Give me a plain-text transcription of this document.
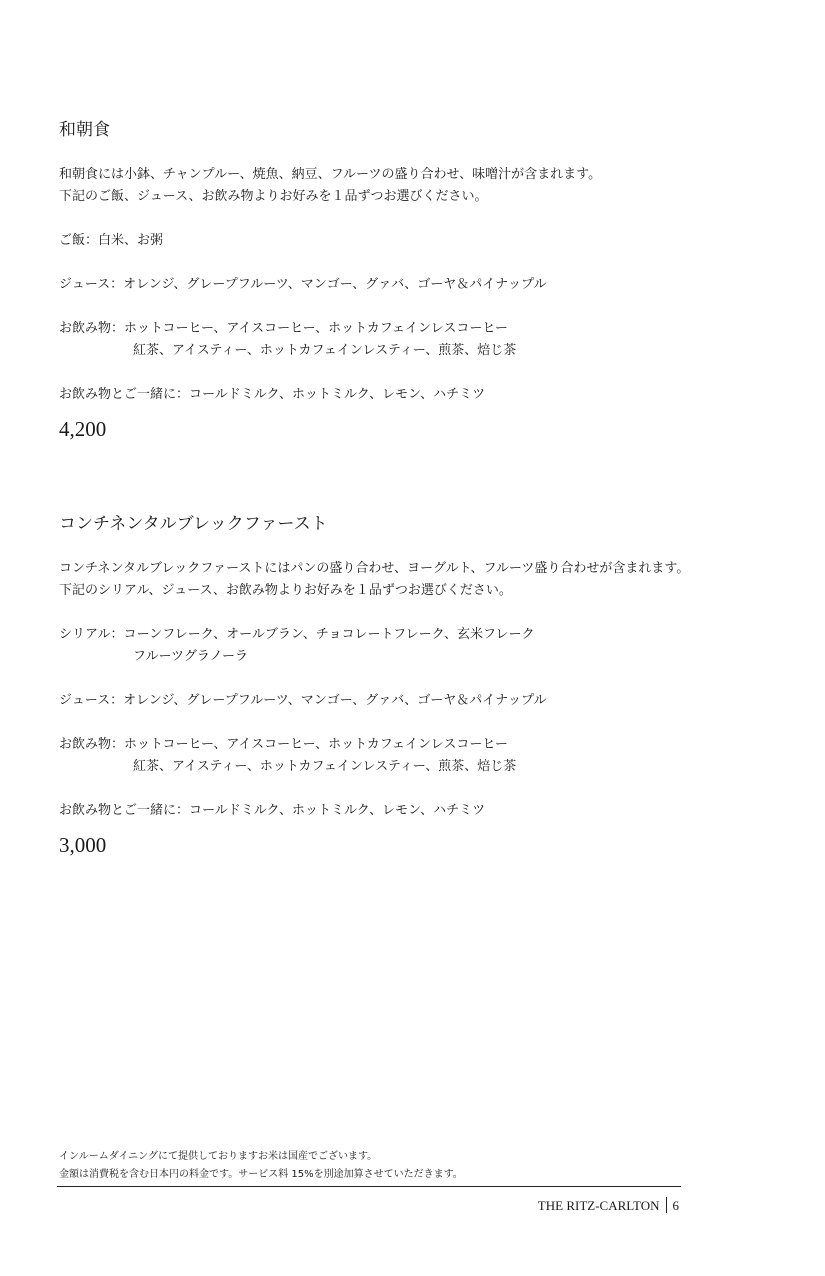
和朝食
和朝食には小鉢、チャンプルー、焼魚、納豆、フルーツの盛り合わせ、味噌汁が含まれます。
下記のご飯、ジュース、お飲み物よりお好みを１品ずつお選びください。
ご飯：白米、お粥
ジュース：オレンジ、グレープフルーツ、マンゴー、グァバ、ゴーヤ＆パイナップル
お飲み物：ホットコーヒー、アイスコーヒー、ホットカフェインレスコーヒー
紅茶、アイスティー、ホットカフェインレスティー、煎茶、焙じ茶
お飲み物とご一緒に：コールドミルク、ホットミルク、レモン、ハチミツ
4,200
コンチネンタルブレックファースト
コンチネンタルブレックファーストにはパンの盛り合わせ、ヨーグルト、フルーツ盛り合わせが含まれます。
下記のシリアル、ジュース、お飲み物よりお好みを１品ずつお選びください。
シリアル：コーンフレーク、オールブラン、チョコレートフレーク、玄米フレーク
フルーツグラノーラ
ジュース：オレンジ、グレープフルーツ、マンゴー、グァバ、ゴーヤ＆パイナップル
お飲み物：ホットコーヒー、アイスコーヒー、ホットカフェインレスコーヒー
紅茶、アイスティー、ホットカフェインレスティー、煎茶、焙じ茶
お飲み物とご一緒に：コールドミルク、ホットミルク、レモン、ハチミツ
3,000
インルームダイニングにて提供しておりますお米は国産でございます。
金額は消費税を含む日本円の料金です。サービス料 15%を別途加算させていただきます。
THE RITZ-CARLTON 6
